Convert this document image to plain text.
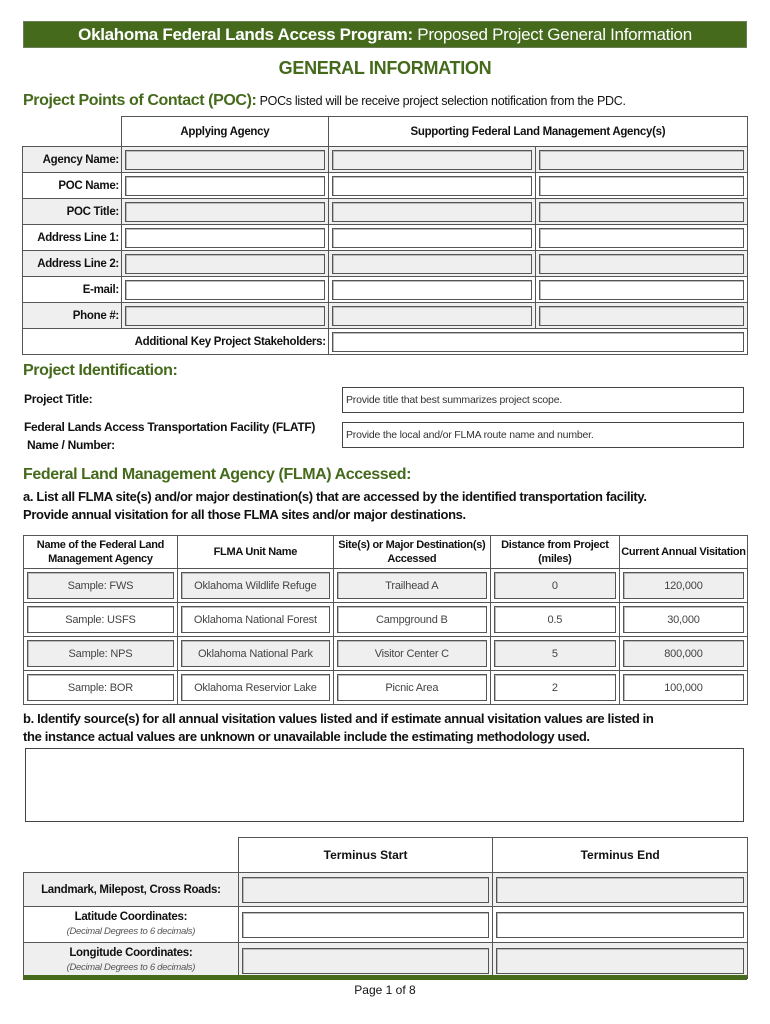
Oklahoma Federal Lands Access Program: Proposed Project General Information
GENERAL INFORMATION
Project Points of Contact (POC): POCs listed will be receive project selection notification from the PDC.
	Applying Agency	Supporting Federal Land Management Agency(s)	
Agency Name:	

POC Name:	

POC Title:	

Address Line 1:	

Address Line 2:	

E-mail:	

Phone #:	

Additional Key Project Stakeholders:	
Project Identification:
Project Title:	Provide title that best summarizes project scope.
Federal Lands Access Transportation Facility (FLATF)
Name / Number:
Provide the local and/or FLMA route name and number.
Federal Land Management Agency (FLMA) Accessed:
a. List all FLMA site(s) and/or major destination(s) that are accessed by the identified transportation facility.
Provide annual visitation for all those FLMA sites and/or major destinations.
Name of the Federal Land Management Agency	FLMA Unit Name	Site(s) or Major Destination(s) Accessed	Distance from Project (miles)	Current Annual Visitation

Sample: FWS	Oklahoma Wildlife Refuge	Trailhead A	0	120,000

Sample: USFS	Oklahoma National Forest	Campground B	0.5	30,000

Sample: NPS	Oklahoma National Park	Visitor Center C	5	800,000

Sample: BOR	Oklahoma Reservior Lake	Picnic Area	2	100,000
b. Identify source(s) for all annual visitation values listed and if estimate annual visitation values are listed in
the instance actual values are unknown or unavailable include the estimating methodology used.
	Terminus Start	Terminus End
Landmark, Milepost, Cross Roads:	

Latitude Coordinates:
(Decimal Degrees to 6 decimals)	

Longitude Coordinates:
(Decimal Degrees to 6 decimals)	

Page 1 of 8
